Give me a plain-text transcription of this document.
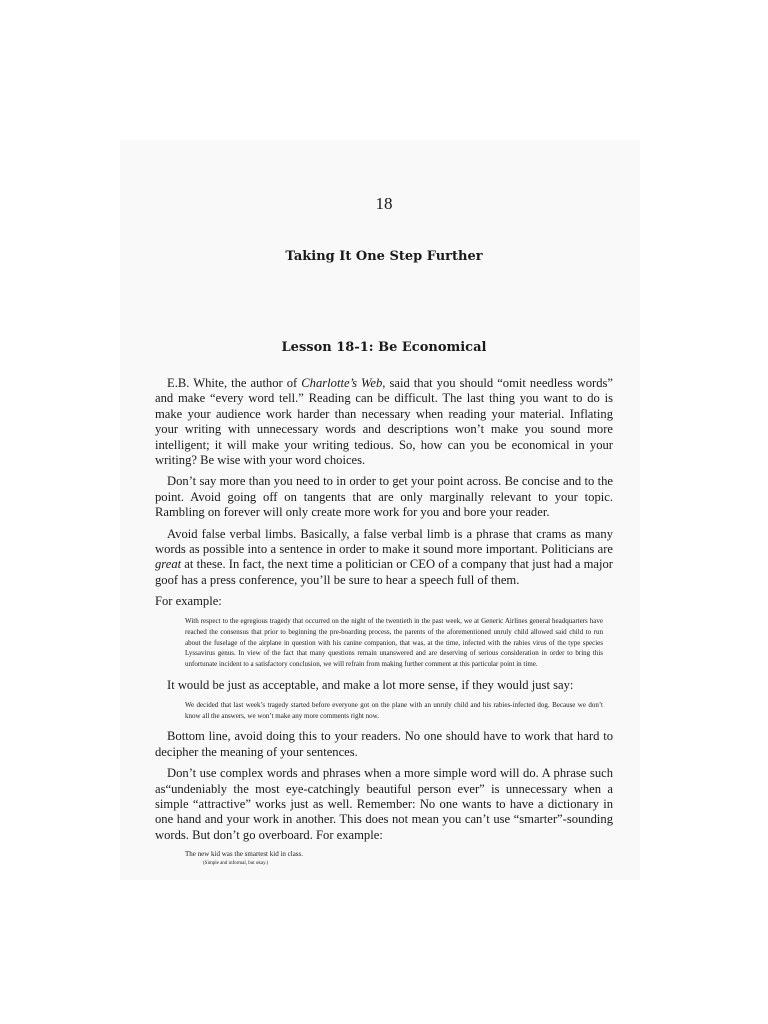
18
Taking It One Step Further
Lesson 18-1: Be Economical

E.B. White, the author of Charlotte’s Web, said that you should “omit needless words” and make “every word tell.” Reading can be difficult. The last thing you want to do is make your audience work harder than necessary when reading your material. Inflating your writing with unnecessary words and descriptions won’t make you sound more intelligent; it will make your writing tedious. So, how can you be economical in your writing? Be wise with your word choices.

Don’t say more than you need to in order to get your point across. Be concise and to the point. Avoid going off on tangents that are only marginally relevant to your topic. Rambling on forever will only create more work for you and bore your reader.

Avoid false verbal limbs. Basically, a false verbal limb is a phrase that crams as many words as possible into a sentence in order to make it sound more important. Politicians are great at these. In fact, the next time a politician or CEO of a company that just had a major goof has a press conference, you’ll be sure to hear a speech full of them.

For example:

With respect to the egregious tragedy that occurred on the night of the twentieth in the past week, we at Generic Airlines general headquarters have reached the consensus that prior to beginning the pre-boarding process, the parents of the aforementioned unruly child allowed said child to run about the fuselage of the airplane in question with his canine companion, that was, at the time, infected with the rabies virus of the type species Lyssavirus genus. In view of the fact that many questions remain unanswered and are deserving of serious consideration in order to bring this unfortunate incident to a satisfactory conclusion, we will refrain from making further comment at this particular point in time.

It would be just as acceptable, and make a lot more sense, if they would just say:

We decided that last week’s tragedy started before everyone got on the plane with an unruly child and his rabies-infected dog. Because we don’t know all the answers, we won’t make any more comments right now.

Bottom line, avoid doing this to your readers. No one should have to work that hard to decipher the meaning of your sentences.

Don’t use complex words and phrases when a more simple word will do. A phrase such as“undeniably the most eye-catchingly beautiful person ever” is unnecessary when a simple “attractive” works just as well. Remember: No one wants to have a dictionary in one hand and your work in another. This does not mean you can’t use “smarter”-sounding words. But don’t go overboard. For example:

The new kid was the smartest kid in class.
(Simple and informal, but okay.)
